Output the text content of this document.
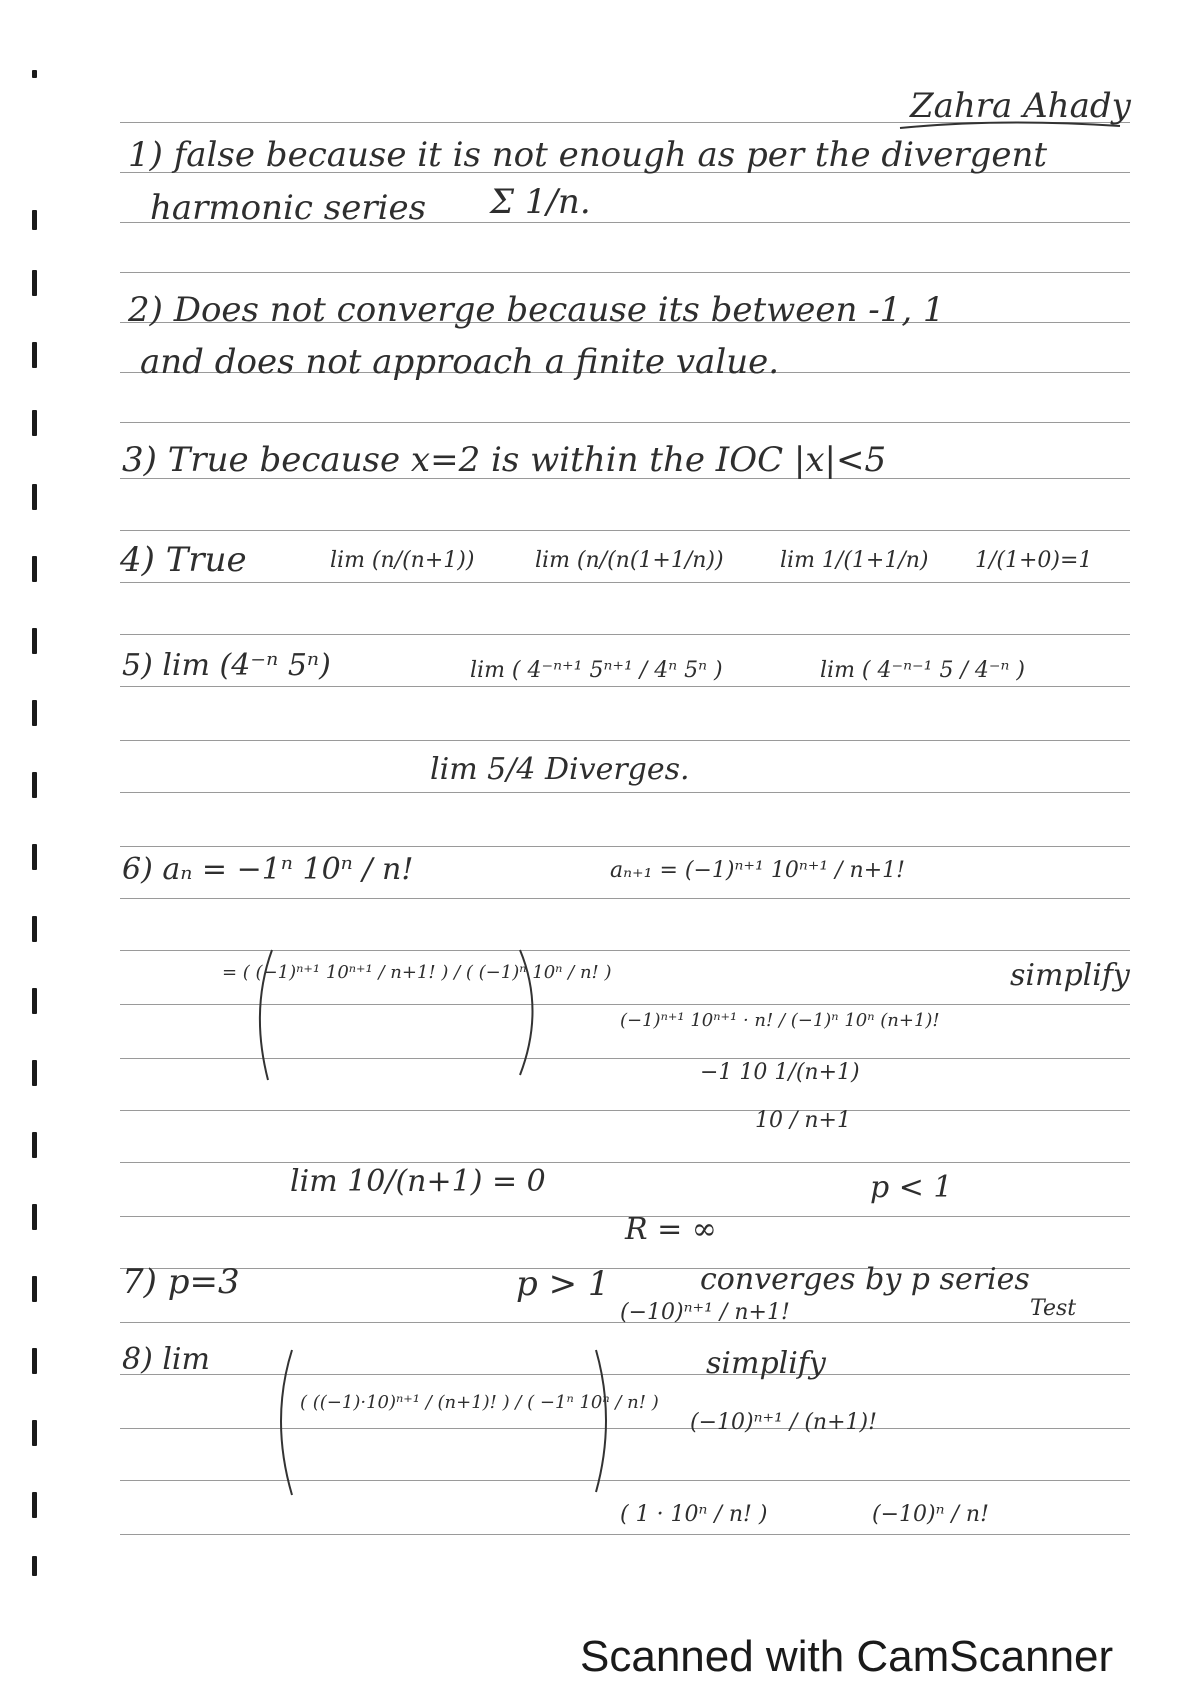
Zahra Ahady
1) false because it is not enough as per the divergent
harmonic series Σ 1/n.
2) Does not converge because its between -1, 1
and does not approach a finite value.
3) True because x=2 is within the IOC |x|<5
4) True	lim (n/(n+1))	lim (n/(n(1+1/n))	lim 1/(1+1/n) 1/(1+0)=1
5) lim (4⁻ⁿ 5ⁿ)	lim ( 4⁻ⁿ⁺¹ 5ⁿ⁺¹ / 4ⁿ 5ⁿ )	lim ( 4⁻ⁿ⁻¹ 5 / 4⁻ⁿ )
lim 5/4 Diverges.
6) aₙ = −1ⁿ 10ⁿ / n!	aₙ₊₁ = (−1)ⁿ⁺¹ 10ⁿ⁺¹ / n+1!
= ( (−1)ⁿ⁺¹ 10ⁿ⁺¹ / n+1! ) / ( (−1)ⁿ 10ⁿ / n! )
(−1)ⁿ⁺¹ 10ⁿ⁺¹ · n! / (−1)ⁿ 10ⁿ (n+1)!
simplify
−1 10 1/(n+1)
10 / n+1
lim 10/(n+1) = 0	p < 1
R = ∞
7) p=3	p > 1	converges by p series
Test
8) lim
( ((−1)·10)ⁿ⁺¹ / (n+1)! ) / ( −1ⁿ 10ⁿ / n! )
(−10)ⁿ⁺¹ / n+1!
simplify
(−10)ⁿ⁺¹ / (n+1)!
( 1 · 10ⁿ / n! )	(−10)ⁿ / n!
Scanned with CamScanner
